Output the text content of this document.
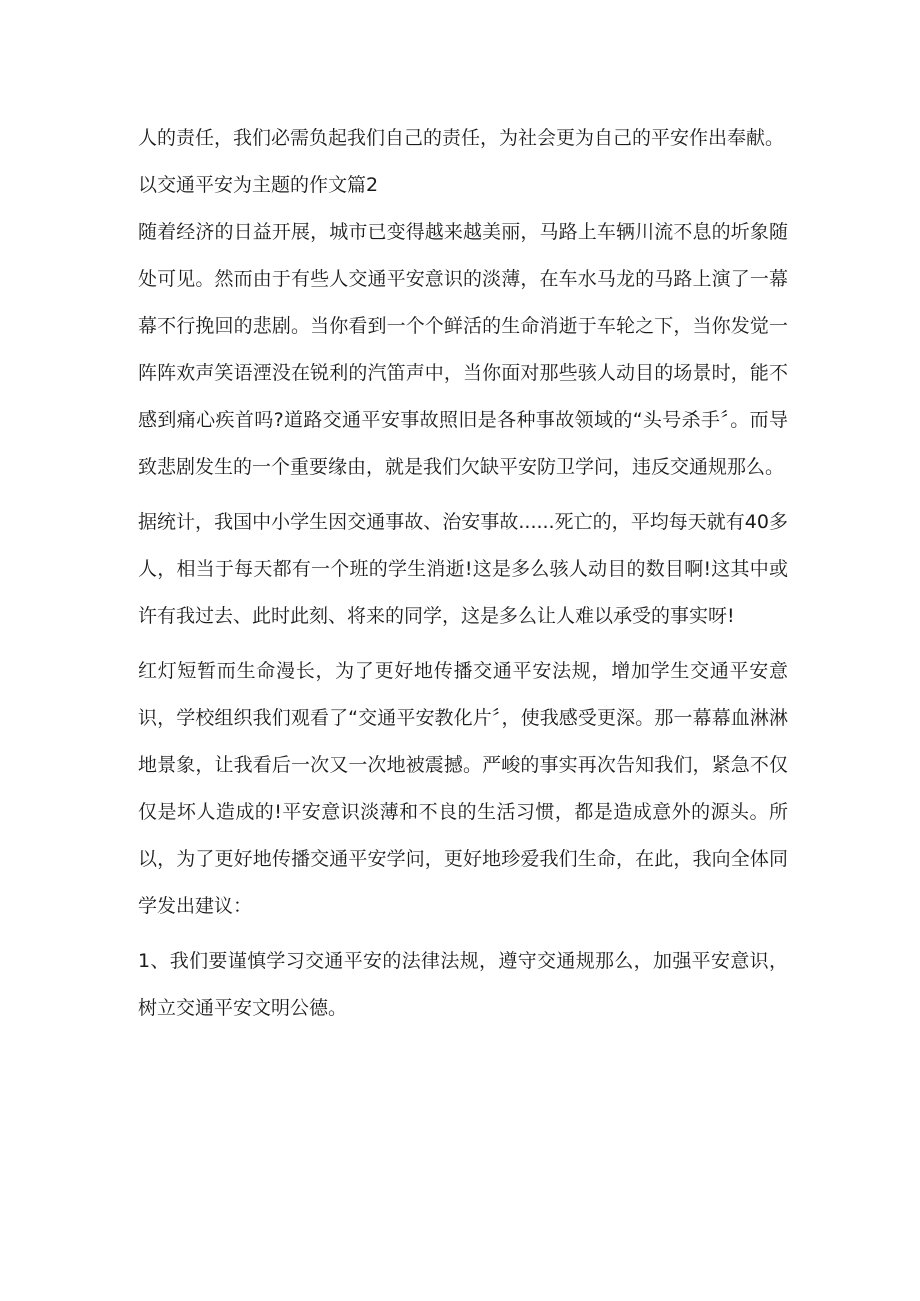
人的责任，我们必需负起我们自己的责任，为社会更为自己的平安作出奉献。

以交通平安为主题的作文篇2

随着经济的日益开展，城市已变得越来越美丽，马路上车辆川流不息的圻象随处可见。然而由于有些人交通平安意识的淡薄，在车水马龙的马路上演了一幕幕不行挽回的悲剧。当你看到一个个鲜活的生命消逝于车轮之下，当你发觉一阵阵欢声笑语湮没在锐利的汽笛声中，当你面对那些骇人动目的场景时，能不感到痛心疾首吗?道路交通平安事故照旧是各种事故领域的“头号杀手〞。而导致悲剧发生的一个重要缘由，就是我们欠缺平安防卫学问，违反交通规那么。

据统计，我国中小学生因交通事故、治安事故......死亡的，平均每天就有40多人，相当于每天都有一个班的学生消逝!这是多么骇人动目的数目啊!这其中或许有我过去、此时此刻、将来的同学，这是多么让人难以承受的事实呀!

红灯短暂而生命漫长，为了更好地传播交通平安法规，增加学生交通平安意识，学校组织我们观看了“交通平安教化片〞，使我感受更深。那一幕幕血淋淋地景象，让我看后一次又一次地被震撼。严峻的事实再次告知我们，紧急不仅仅是坏人造成的!平安意识淡薄和不良的生活习惯，都是造成意外的源头。所以，为了更好地传播交通平安学问，更好地珍爱我们生命，在此，我向全体同学发出建议：

1、我们要谨慎学习交通平安的法律法规，遵守交通规那么，加强平安意识，树立交通平安文明公德。
